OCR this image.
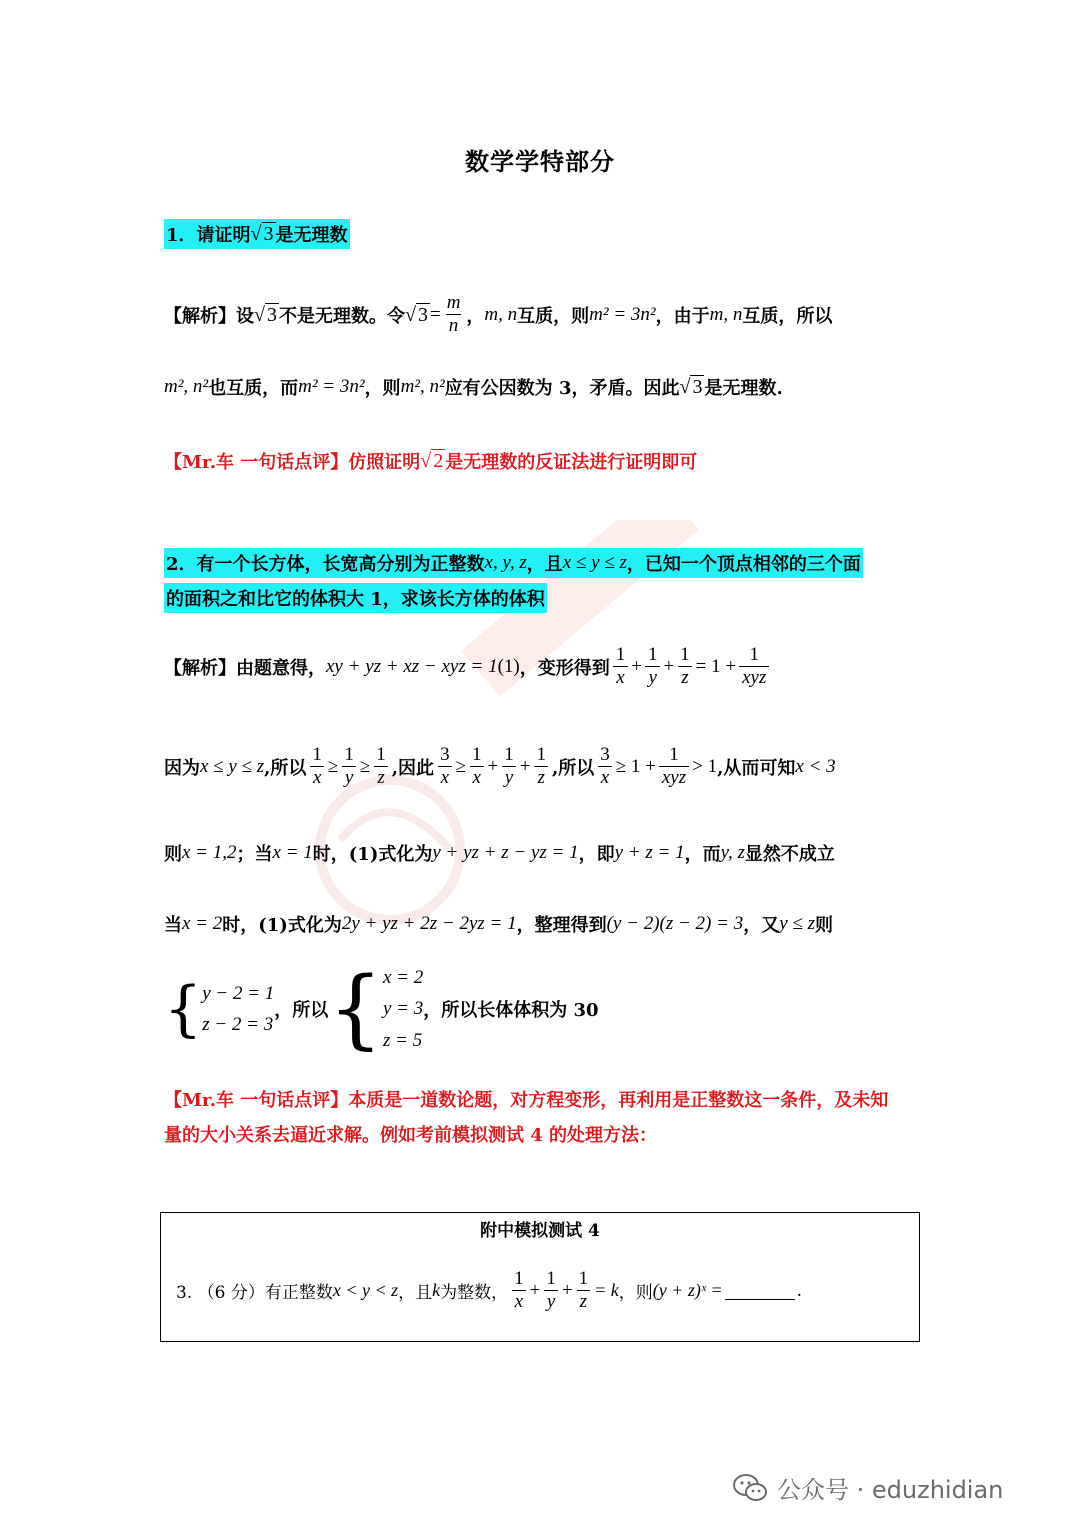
数学学特部分
1．请证明 √ 3 是无理数
【解析】 设 √ 3 不是无理数。令 √ $3 = \frac{m}{n}$ ， m, n 互质，则 m² = 3n² ，由于 m, n 互质，所以
m², n² 也互质，而 m² = 3n² ，则 m², n² 应有公因数为 3，矛盾。因此 √ 3 是无理数.
【Mr.车 一句话点评】 仿照证明 √ 2 是无理数的反证法进行证明即可
2．有一个长方体，长宽高分别为正整数 x, y, z ，且 x ≤ y ≤ z ，已知一个顶点相邻的三个面
的面积之和比它的体积大 1，求该长方体的体积
【解析】 由题意得， xy + yz + xz − xyz = 1 (1) ，变形得到 $\frac{1}{x} + \frac{1}{y} + \frac{1}{z} = 1 + \frac{1}{\text{xyz}}$
因为 x ≤ y ≤ z ,所以 $\frac{1}{x} \ge \frac{1}{y} \ge \frac{1}{z}$ ,因此 $\frac{3}{x} \ge \frac{1}{x} + \frac{1}{y} + \frac{1}{z}$ ,所以 $\frac{3}{x} \ge 1 + \frac{1}{\text{xyz}} > 1$ ,从而可知 x < 3
则 x = 1,2 ；当 x = 1 时，(1)式化为 y + yz + z − yz = 1 ，即 y + z = 1 ，而 y, z 显然不成立
当 x = 2 时，(1)式化为 2y + yz + 2z − 2yz = 1 ，整理得到 (y − 2)(z − 2) = 3 ，又 y ≤ z 则
{ y − 2 = 1
z − 2 = 3
，所以 { x = 2
y = 3
z = 5
，所以长体体积为 30
【Mr.车 一句话点评】 本质是一道数论题，对方程变形，再利用是正整数这一条件，及未知
量的大小关系去逼近求解。例如考前模拟测试 4 的处理方法：
附中模拟测试 4
3. （6 分）有正整数 x < y < z ，且 k 为整数， $\frac{1}{x} + \frac{1}{y} + \frac{1}{z} = k$ ，则 (y + z)ˣ =	.
公众号 · eduzhidian
